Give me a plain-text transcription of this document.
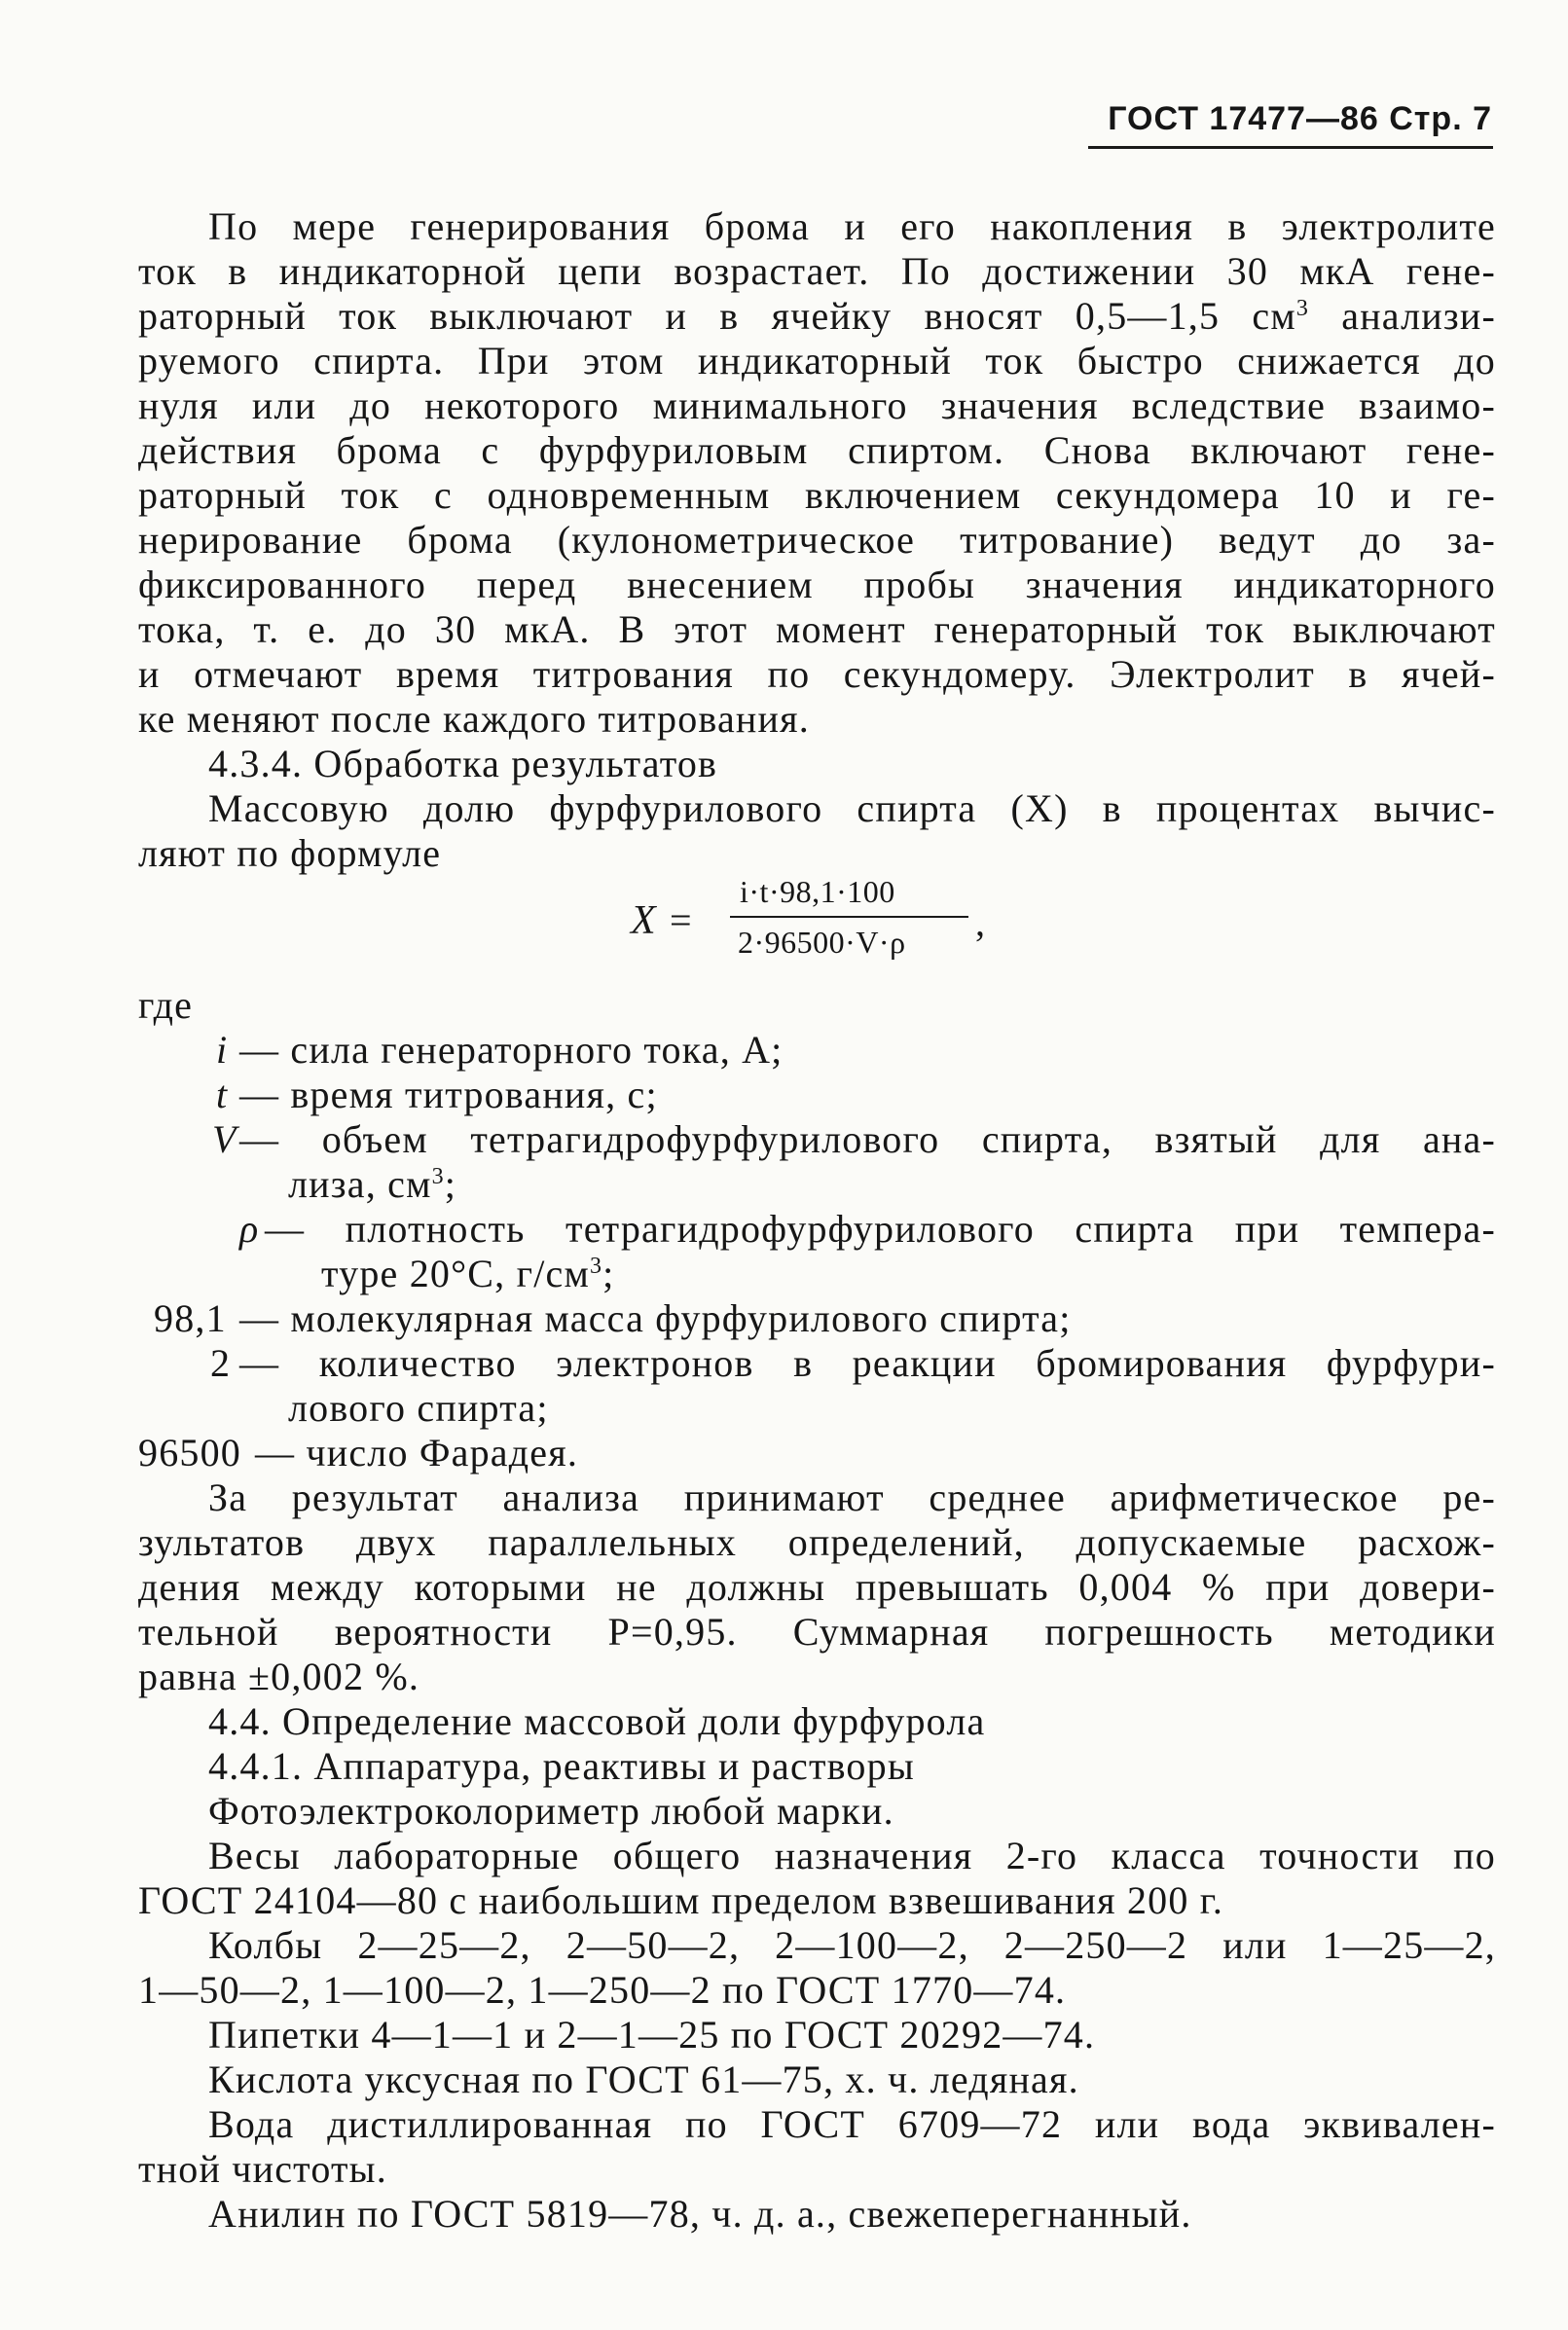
ГОСТ 17477—86 Стр. 7
По мере генерирования брома и его накопления в электролите
ток в индикаторной цепи возрастает. По достижении 30 мкА гене-
раторный ток выключают и в ячейку вносят 0,5—1,5 $см^3$ анализи-
руемого спирта. При этом индикаторный ток быстро снижается до
нуля или до некоторого минимального значения вследствие взаимо-
действия брома с фурфуриловым спиртом. Снова включают гене-
раторный ток с одновременным включением секундомера 10 и ге-
нерирование брома (кулонометрическое титрование) ведут до за-
фиксированного перед внесением пробы значения индикаторного
тока, т. е. до 30 мкА. В этот момент генераторный ток выключают
и отмечают время титрования по секундомеру. Электролит в ячей-
ке меняют после каждого титрования.
4.3.4. Обработка результатов
Массовую долю фурфурилового спирта (X) в процентах вычис-
ляют по формуле
X =
i·t·98,1·100
2·96500·V·ρ ,
где
i — сила генераторного тока, А;
t — время титрования, с;
V — объем тетрагидрофурфурилового спирта, взятый для ана-
лиза, $см^3$;
ρ — плотность тетрагидрофурфурилового спирта при темпера-
туре 20°C, $г/см^3$;
98,1 — молекулярная масса фурфурилового спирта;
2 — количество электронов в реакции бромирования фурфури-
лового спирта;
96500 — число Фарадея.
За результат анализа принимают среднее арифметическое ре-
зультатов двух параллельных определений, допускаемые расхож-
дения между которыми не должны превышать 0,004 % при довери-
тельной вероятности P=0,95. Суммарная погрешность методики
равна ±0,002 %.
4.4. Определение массовой доли фурфурола
4.4.1. Аппаратура, реактивы и растворы
Фотоэлектроколориметр любой марки.
Весы лабораторные общего назначения 2-го класса точности по
ГОСТ 24104—80 с наибольшим пределом взвешивания 200 г.
Колбы 2—25—2, 2—50—2, 2—100—2, 2—250—2 или 1—25—2,
1—50—2, 1—100—2, 1—250—2 по ГОСТ 1770—74.
Пипетки 4—1—1 и 2—1—25 по ГОСТ 20292—74.
Кислота уксусная по ГОСТ 61—75, х. ч. ледяная.
Вода дистиллированная по ГОСТ 6709—72 или вода эквивален-
тной чистоты.
Анилин по ГОСТ 5819—78, ч. д. а., свежеперегнанный.
